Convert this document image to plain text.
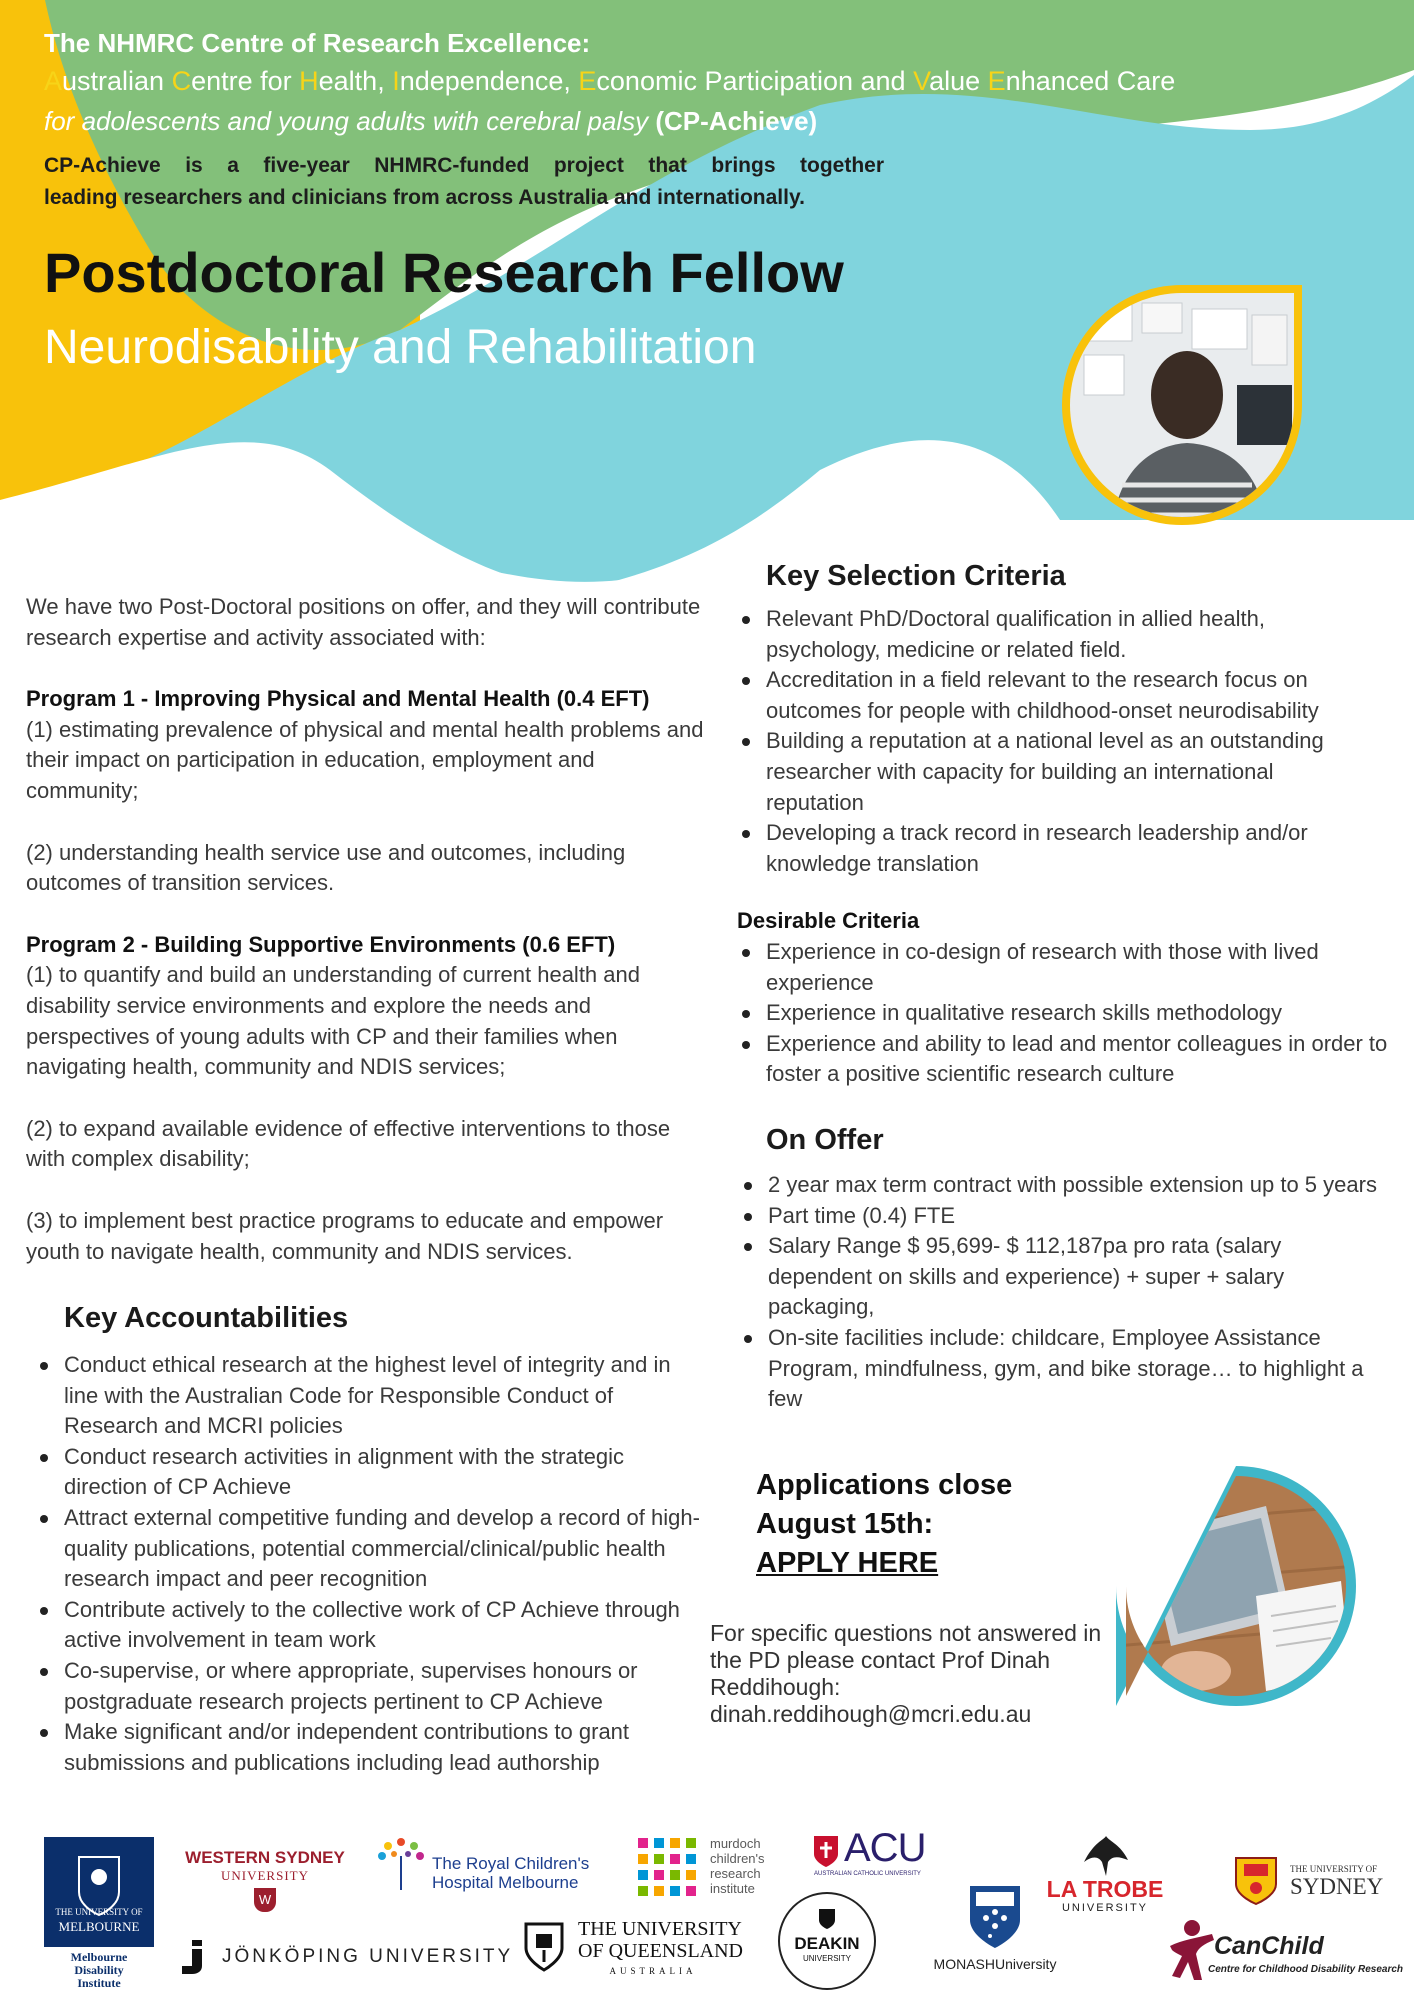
The NHMRC Centre of Research Excellence:
Australian Centre for Health, Independence, Economic Participation and Value Enhanced Care
for adolescents and young adults with cerebral palsy (CP-Achieve)
CP-Achieve is a five-year NHMRC-funded project that brings together
leading researchers and clinicians from across Australia and internationally.
Postdoctoral Research Fellow
Neurodisability and Rehabilitation

We have two Post-Doctoral positions on offer, and they will contribute research expertise and activity associated with:

Program 1 - Improving Physical and Mental Health (0.4 EFT)

(1) estimating prevalence of physical and mental health problems and their impact on participation in education, employment and community;

(2) understanding health service use and outcomes, including outcomes of transition services.

Program 2 - Building Supportive Environments (0.6 EFT)

(1) to quantify and build an understanding of current health and disability service environments and explore the needs and perspectives of young adults with CP and their families when navigating health, community and NDIS services;

(2) to expand available evidence of effective interventions to those with complex disability;

(3) to implement best practice programs to educate and empower youth to navigate health, community and NDIS services.

Key Accountabilities
Conduct ethical research at the highest level of integrity and in line with the Australian Code for Responsible Conduct of Research and MCRI policies
Conduct research activities in alignment with the strategic direction of CP Achieve
Attract external competitive funding and develop a record of high-quality publications, potential commercial/clinical/public health research impact and peer recognition
Contribute actively to the collective work of CP Achieve through active involvement in team work
Co-supervise, or where appropriate, supervises honours or postgraduate research projects pertinent to CP Achieve
Make significant and/or independent contributions to grant submissions and publications including lead authorship
Key Selection Criteria
Relevant PhD/Doctoral qualification in allied health, psychology, medicine or related field.
Accreditation in a field relevant to the research focus on outcomes for people with childhood-onset neurodisability
Building a reputation at a national level as an outstanding researcher with capacity for building an international reputation
Developing a track record in research leadership and/or knowledge translation

Desirable Criteria

Experience in co-design of research with those with lived experience
Experience in qualitative research skills methodology
Experience and ability to lead and mentor colleagues in order to foster a positive scientific research culture
On Offer
2 year max term contract with possible extension up to 5 years
Part time (0.4) FTE
Salary Range $ 95,699- $ 112,187pa pro rata (salary dependent on skills and experience) + super + salary packaging,
On-site facilities include: childcare, Employee Assistance Program, mindfulness, gym, and bike storage… to highlight a few
Applications close
August 15th:
APPLY HERE
For specific questions not answered in the PD please contact Prof Dinah Reddihough: dinah.reddihough@mcri.edu.au
THE UNIVERSITY OF
MELBOURNE
Melbourne
Disability
Institute
WESTERN SYDNEY
UNIVERSITY
W
The Royal Children's
Hospital Melbourne
murdoch
children's
research
institute
ACU
AUSTRALIAN CATHOLIC UNIVERSITY
LA TROBE
UNIVERSITY
THE UNIVERSITY OF
SYDNEY
JÖNKÖPING UNIVERSITY
THE UNIVERSITY
OF QUEENSLAND
AUSTRALIA
DEAKIN
UNIVERSITY	MONASHUniversity
CanChild
Centre for Childhood Disability Research
